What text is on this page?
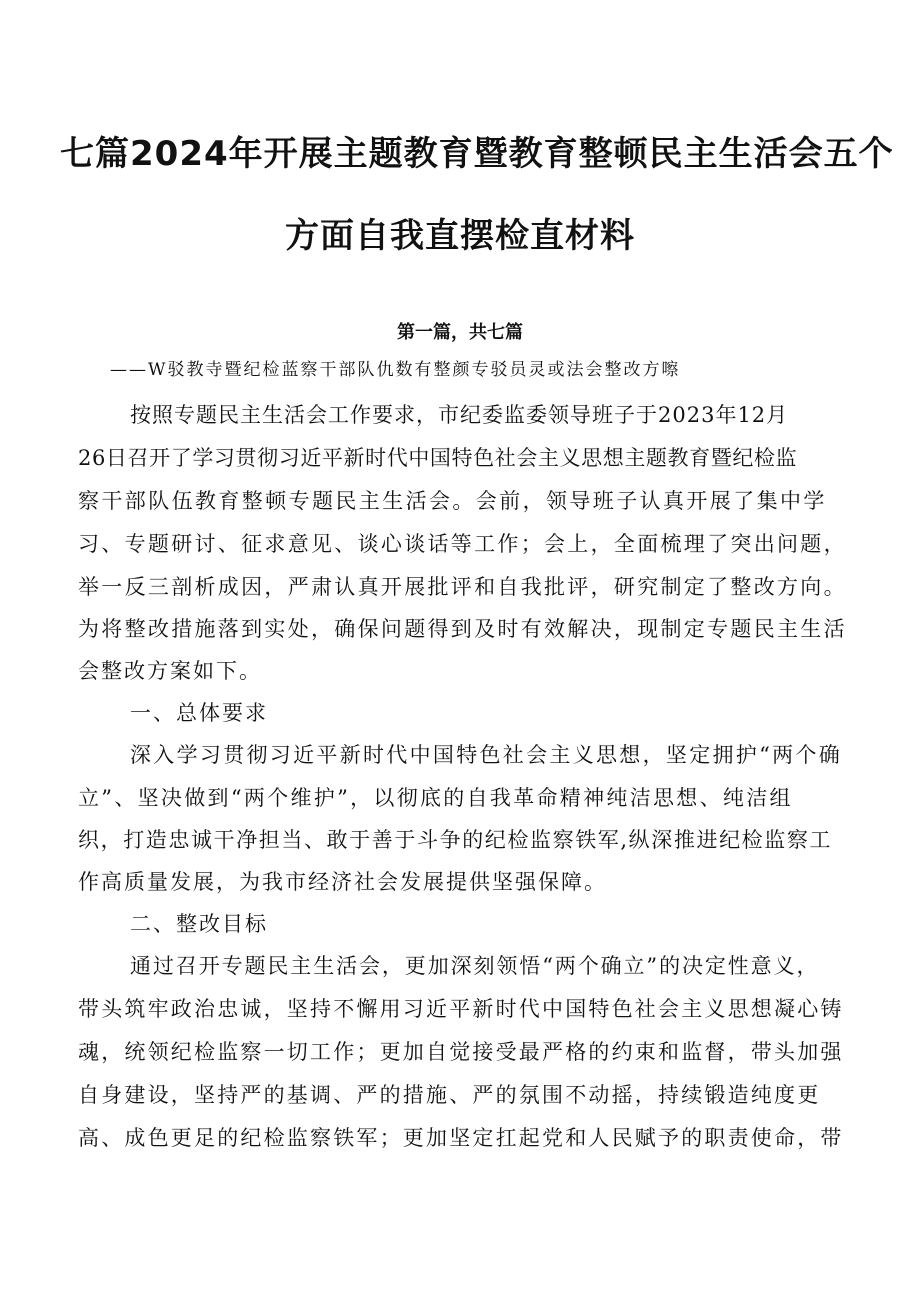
七篇2024年开展主题教育暨教育整顿民主生活会五个
方面自我直摆检直材料
第一篇，共七篇
——W驳教寺暨纪检蓝察干部队仇数有整颜专驳员灵或法会整改方嚓
按照专题民主生活会工作要求，市纪委监委领导班子于2023年12月
26日召开了学习贯彻习近平新时代中国特色社会主义思想主题教育暨纪检监
察干部队伍教育整顿专题民主生活会。会前，领导班子认真开展了集中学
习、专题研讨、征求意见、谈心谈话等工作；会上，全面梳理了突出问题，
举一反三剖析成因，严肃认真开展批评和自我批评，研究制定了整改方向。
为将整改措施落到实处，确保问题得到及时有效解决，现制定专题民主生活
会整改方案如下。
一、总体要求
深入学习贯彻习近平新时代中国特色社会主义思想，坚定拥护“两个确
立”、坚决做到“两个维护”，以彻底的自我革命精神纯洁思想、纯洁组
织，打造忠诚干净担当、敢于善于斗争的纪检监察铁军,纵深推进纪检监察工
作高质量发展，为我市经济社会发展提供坚强保障。
二、整改目标
通过召开专题民主生活会，更加深刻领悟“两个确立”的决定性意义，
带头筑牢政治忠诚，坚持不懈用习近平新时代中国特色社会主义思想凝心铸
魂，统领纪检监察一切工作；更加自觉接受最严格的约束和监督，带头加强
自身建设，坚持严的基调、严的措施、严的氛围不动摇，持续锻造纯度更
高、成色更足的纪检监察铁军；更加坚定扛起党和人民赋予的职责使命，带
